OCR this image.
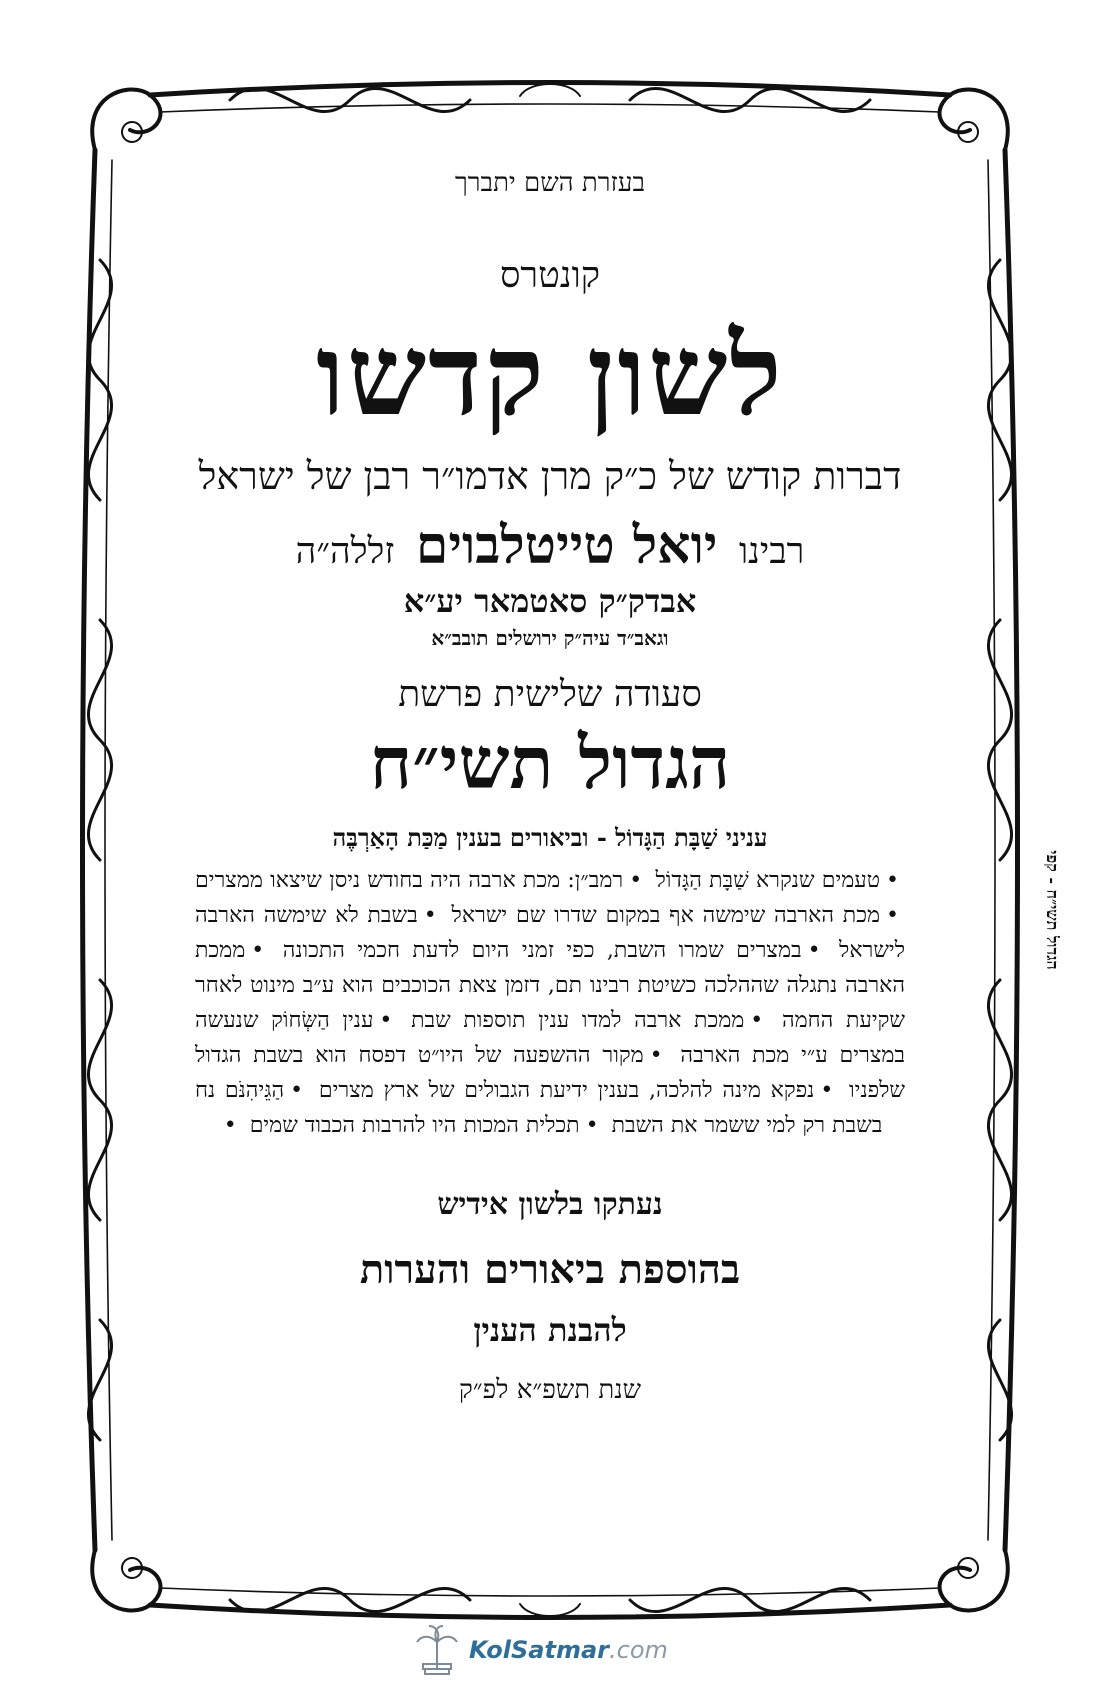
בעזרת השם יתברך
קונטרס
לשון קדשו
דברות קודש של כ״ק מרן אדמו״ר רבן של ישראל
רבינו יואל טייטלבוים זללה״ה
אבדק״ק סאטמאר יע״א
וגאב״ד עיה״ק ירושלים תובב״א
סעודה שלישית פרשת
הגדול תשי״ח
עניני שַׁבָּת הַגָּדוֹל - וביאורים בענין מַכַּת הָאַרְבֶּה
•טעמים שנקרא שַׁבָּת הַגָּדוֹל •רמב״ן: מכת ארבה היה בחודש ניסן שיצאו ממצרים •מכת הארבה שימשה אף במקום שדרו שם ישראל •בשבת לא שימשה הארבה לישראל •במצרים שמרו השבת, כפי זמני היום לדעת חכמי התכונה •ממכת הארבה נתגלה שההלכה כשיטת רבינו תם, דזמן צאת הכוכבים הוא ע״ב מינוט לאחר שקיעת החמה •ממכת ארבה למדו ענין תוספות שבת •ענין הַשְּׂחוֹק שנעשה במצרים ע״י מכת הארבה •מקור ההשפעה של היו״ט דפסח הוא בשבת הגדול שלפניו •נפקא מינה להלכה, בענין ידיעת הגבולים של ארץ מצרים •הַגֵּיהִנֹּם נח בשבת רק למי ששמר את השבת •תכלית המכות היו להרבות הכבוד שמים •
נעתקו בלשון אידיש
בהוספת ביאורים והערות
להבנת הענין
שנת תשפ״א לפ״ק
הגדול תשי״ח - קפי
KolSatmar.com
